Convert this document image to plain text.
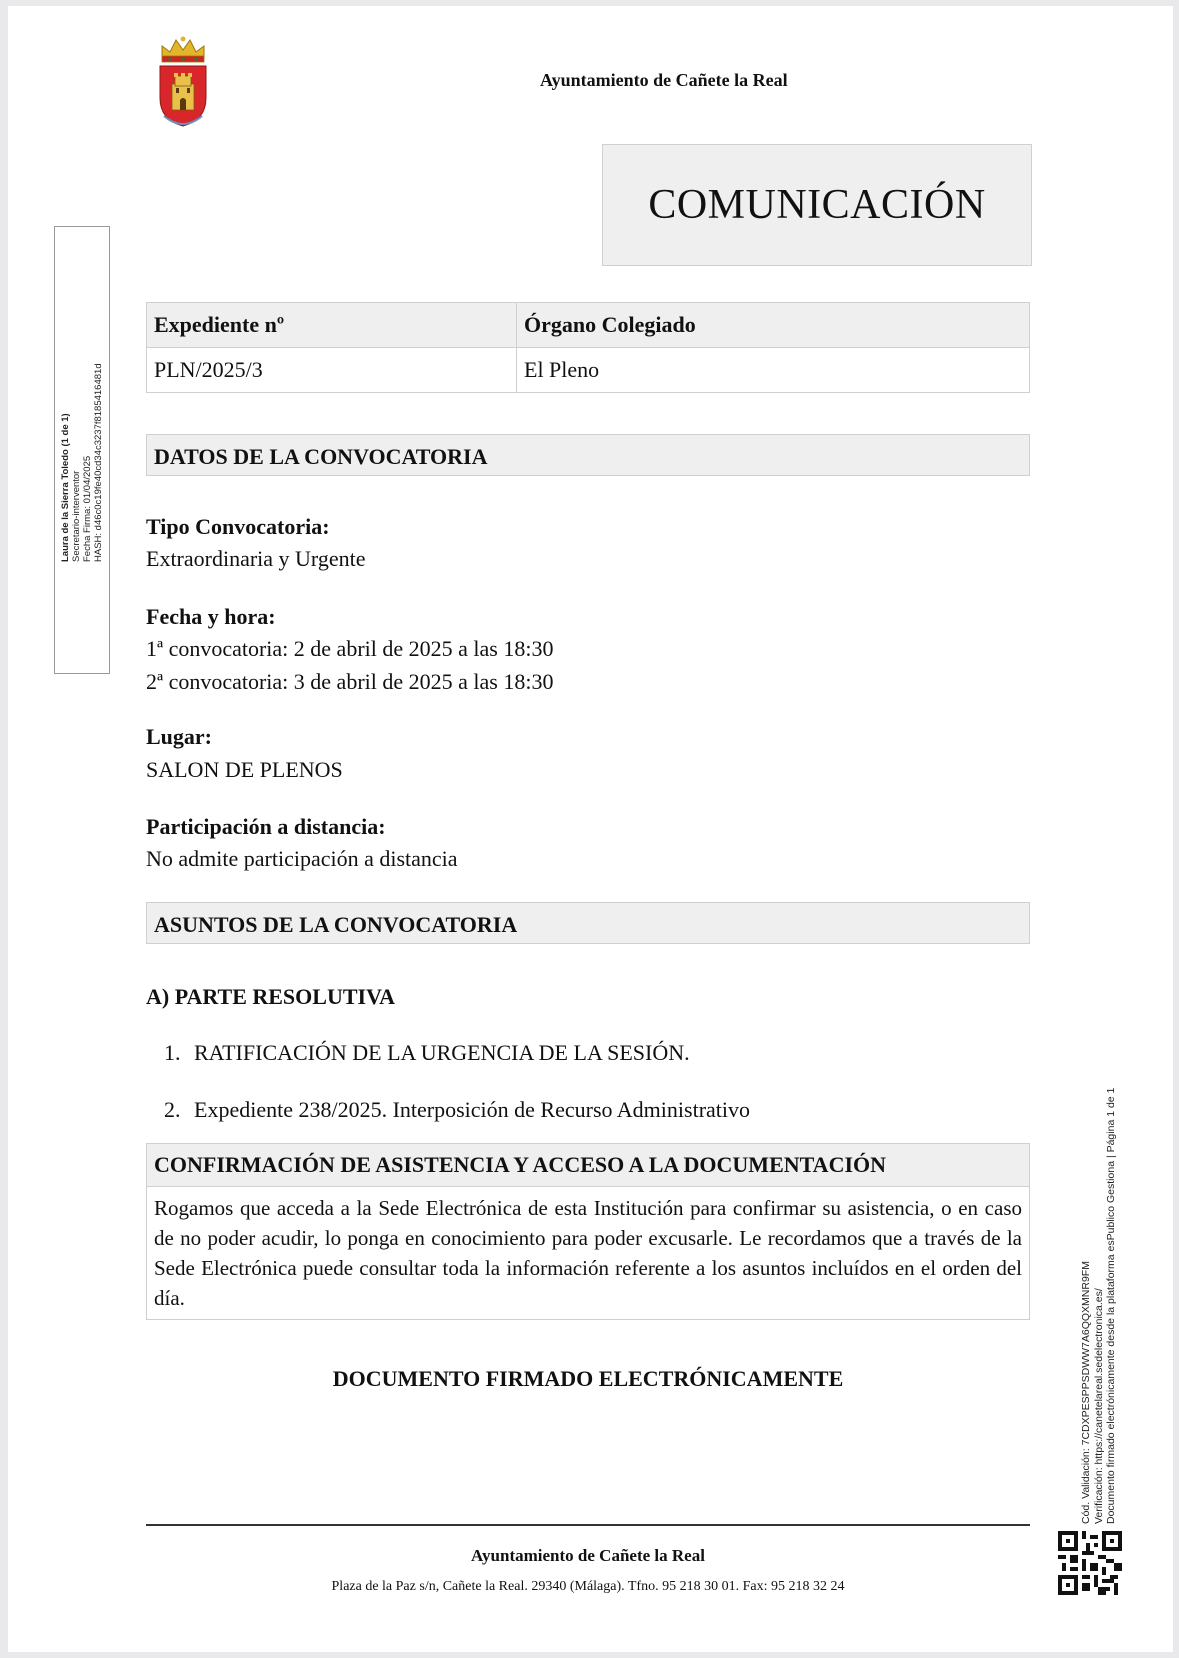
Ayuntamiento de Cañete la Real
COMUNICACIÓN
Expediente nº	Órgano Colegiado
PLN/2025/3	El Pleno
DATOS DE LA CONVOCATORIA
Tipo Convocatoria:
Extraordinaria y Urgente
Fecha y hora:
1ª convocatoria: 2 de abril de 2025 a las 18:30
2ª convocatoria: 3 de abril de 2025 a las 18:30
Lugar:
SALON DE PLENOS
Participación a distancia:
No admite participación a distancia
ASUNTOS DE LA CONVOCATORIA
A) PARTE RESOLUTIVA
1. RATIFICACIÓN DE LA URGENCIA DE LA SESIÓN.
2. Expediente 238/2025. Interposición de Recurso Administrativo
CONFIRMACIÓN DE ASISTENCIA Y ACCESO A LA DOCUMENTACIÓN
Rogamos que acceda a la Sede Electrónica de esta Institución para confirmar su asistencia, o en caso de no poder acudir, lo ponga en conocimiento para poder excusarle. Le recordamos que a través de la Sede Electrónica puede consultar toda la información referente a los asuntos incluídos en el orden del día.
DOCUMENTO FIRMADO ELECTRÓNICAMENTE
Ayuntamiento de Cañete la Real
Plaza de la Paz s/n, Cañete la Real. 29340 (Málaga). Tfno. 95 218 30 01. Fax: 95 218 32 24
Laura de la Sierra Toledo (1 de 1) Secretario-interventor Fecha Firma: 01/04/2025 HASH: d46c0c19fe40cd34c3237f8185416481d
Cód. Validación: 7CDXPESPPSDWW7A6QQXMNR9FM Verificación: https://canetelareal.sedelectronica.es/ Documento firmado electrónicamente desde la plataforma esPublico Gestiona | Página 1 de 1
